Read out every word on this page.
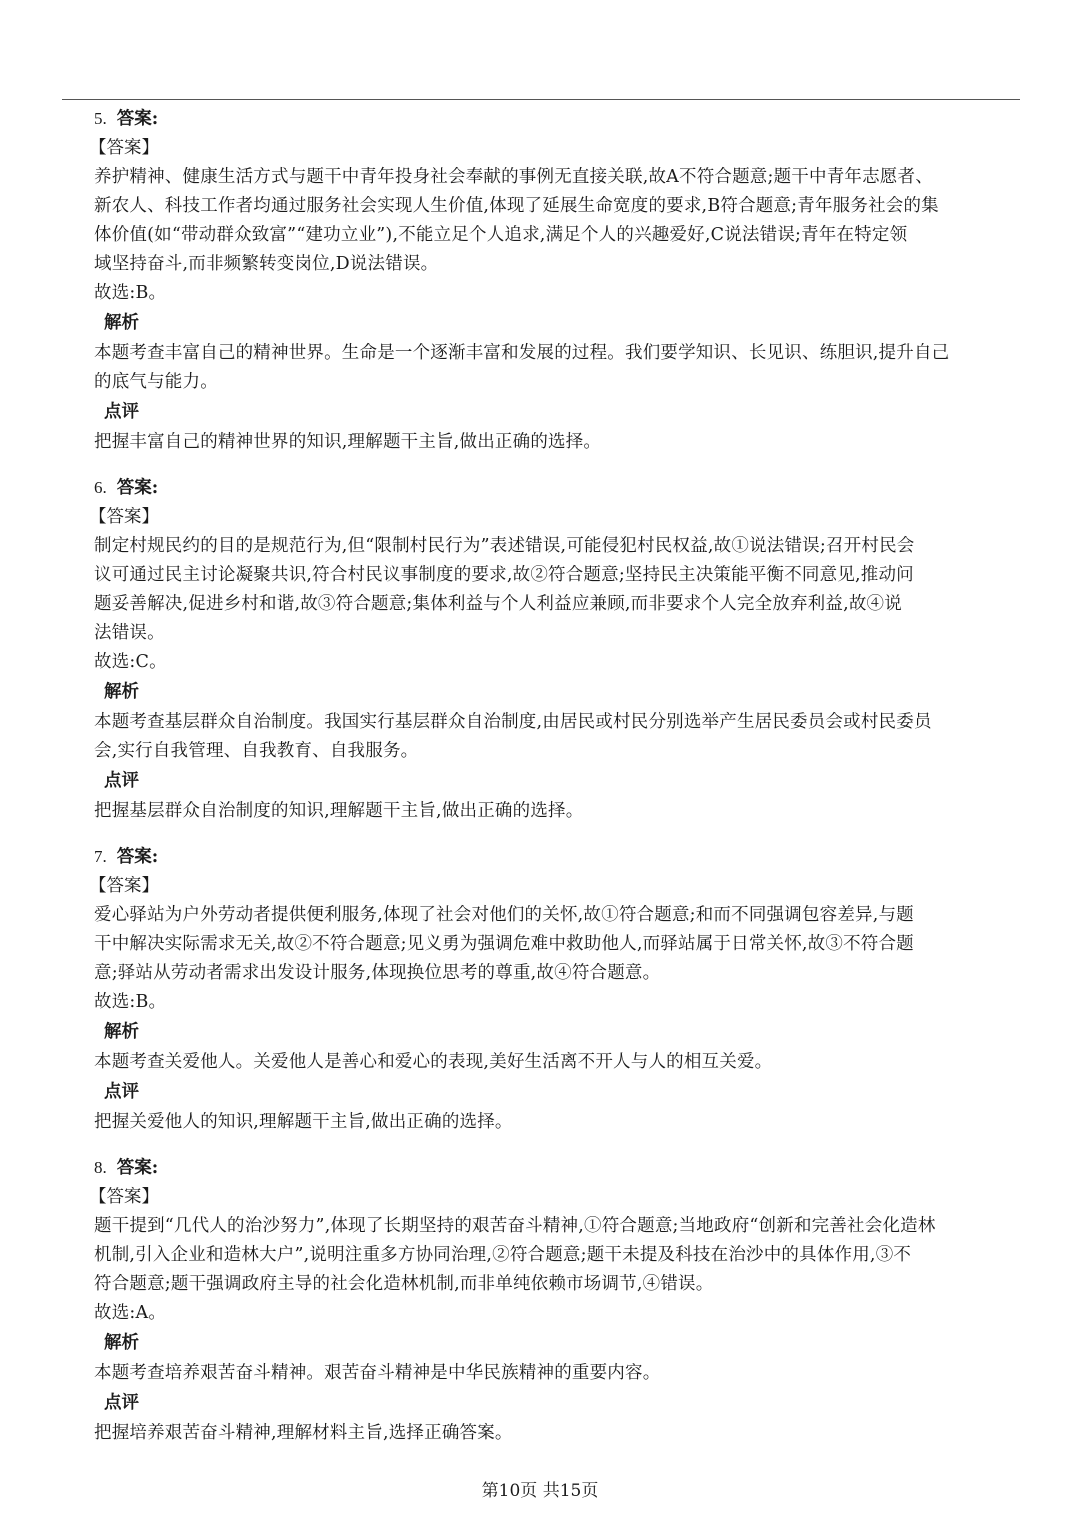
5. 答案:
【答案】
养护精神、健康生活方式与题干中青年投身社会奉献的事例无直接关联,故A不符合题意;题干中青年志愿者、
新农人、科技工作者均通过服务社会实现人生价值,体现了延展生命宽度的要求,B符合题意;青年服务社会的集
体价值(如“带动群众致富”“建功立业”),不能立足个人追求,满足个人的兴趣爱好,C说法错误;青年在特定领
域坚持奋斗,而非频繁转变岗位,D说法错误。
故选:B。
解析
本题考查丰富自己的精神世界。生命是一个逐渐丰富和发展的过程。我们要学知识、长见识、练胆识,提升自己
的底气与能力。
点评
把握丰富自己的精神世界的知识,理解题干主旨,做出正确的选择。
6. 答案:
【答案】
制定村规民约的目的是规范行为,但“限制村民行为”表述错误,可能侵犯村民权益,故①说法错误;召开村民会
议可通过民主讨论凝聚共识,符合村民议事制度的要求,故②符合题意;坚持民主决策能平衡不同意见,推动问
题妥善解决,促进乡村和谐,故③符合题意;集体利益与个人利益应兼顾,而非要求个人完全放弃利益,故④说
法错误。
故选:C。
解析
本题考查基层群众自治制度。我国实行基层群众自治制度,由居民或村民分别选举产生居民委员会或村民委员
会,实行自我管理、自我教育、自我服务。
点评
把握基层群众自治制度的知识,理解题干主旨,做出正确的选择。
7. 答案:
【答案】
爱心驿站为户外劳动者提供便利服务,体现了社会对他们的关怀,故①符合题意;和而不同强调包容差异,与题
干中解决实际需求无关,故②不符合题意;见义勇为强调危难中救助他人,而驿站属于日常关怀,故③不符合题
意;驿站从劳动者需求出发设计服务,体现换位思考的尊重,故④符合题意。
故选:B。
解析
本题考查关爱他人。关爱他人是善心和爱心的表现,美好生活离不开人与人的相互关爱。
点评
把握关爱他人的知识,理解题干主旨,做出正确的选择。
8. 答案:
【答案】
题干提到“几代人的治沙努力”,体现了长期坚持的艰苦奋斗精神,①符合题意;当地政府“创新和完善社会化造林
机制,引入企业和造林大户”,说明注重多方协同治理,②符合题意;题干未提及科技在治沙中的具体作用,③不
符合题意;题干强调政府主导的社会化造林机制,而非单纯依赖市场调节,④错误。
故选:A。
解析
本题考查培养艰苦奋斗精神。艰苦奋斗精神是中华民族精神的重要内容。
点评
把握培养艰苦奋斗精神,理解材料主旨,选择正确答案。
第10页 共15页
